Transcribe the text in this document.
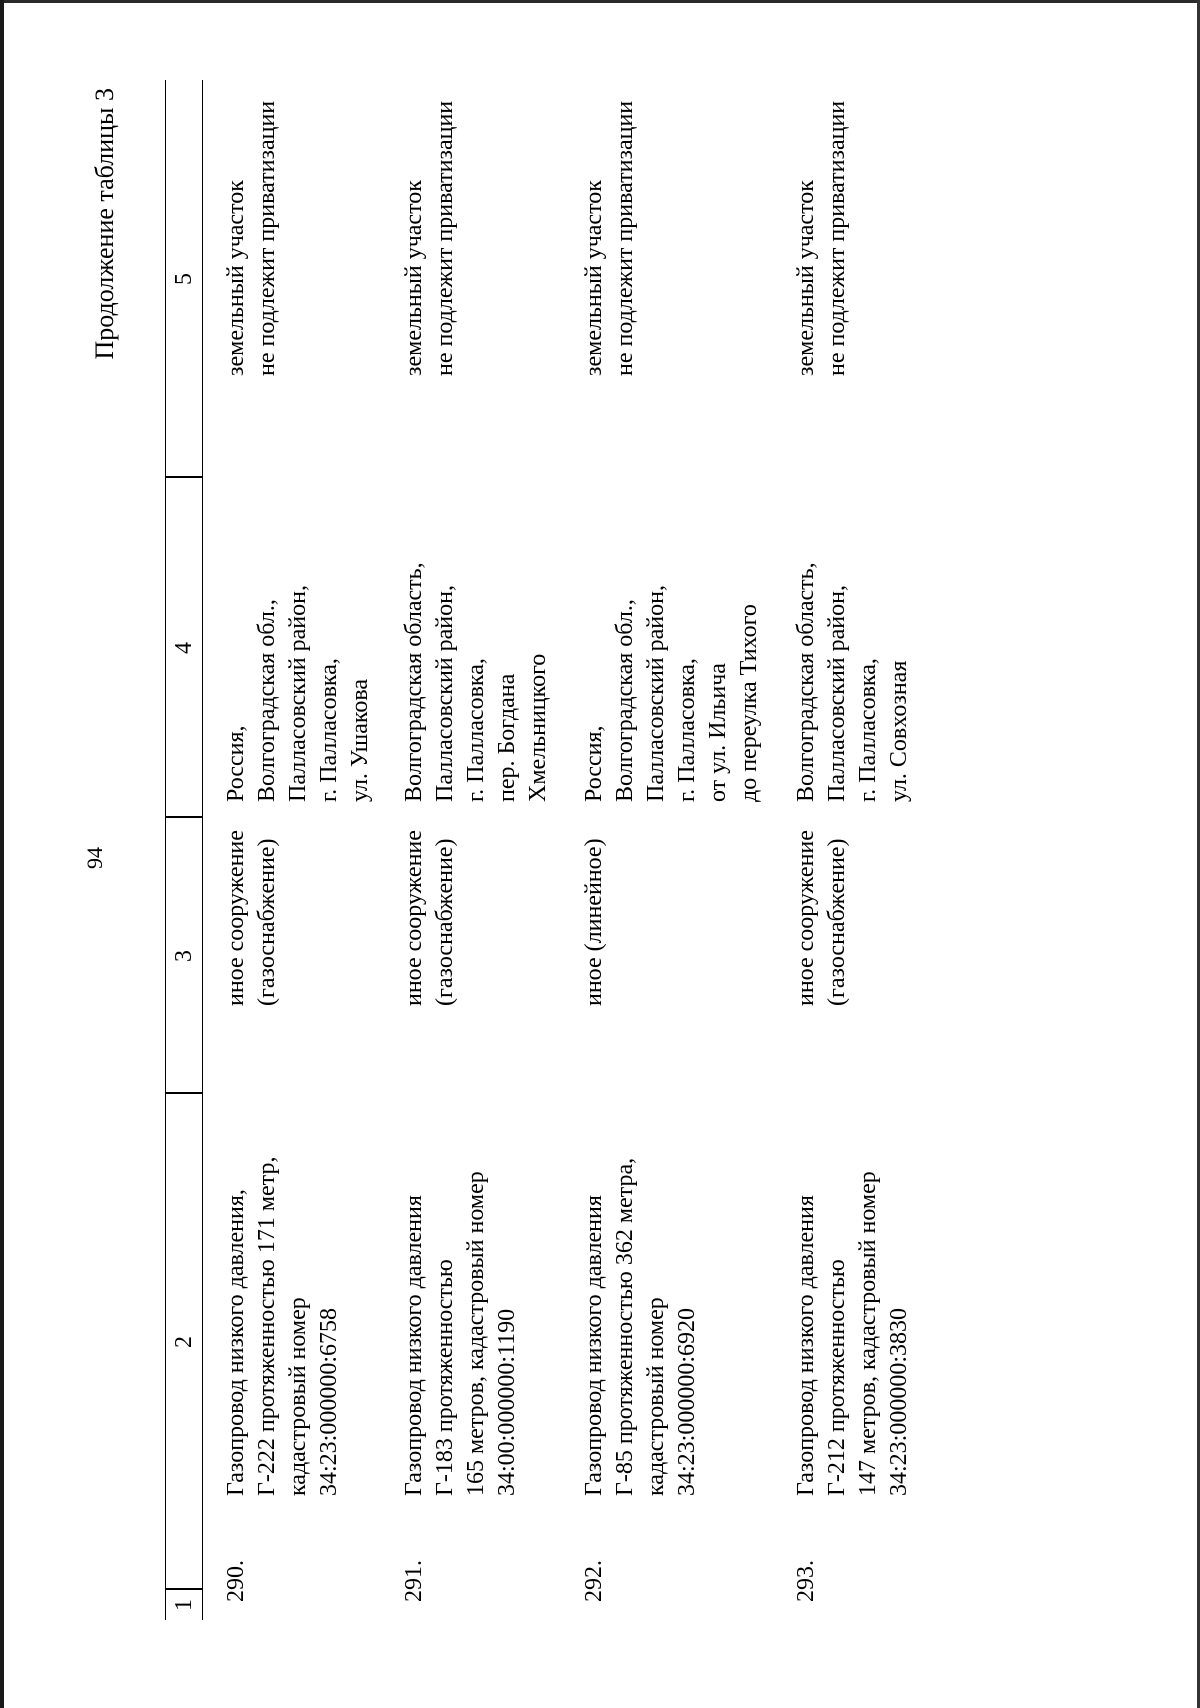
94
Продолжение таблицы 3
1
2
3
4
5
290.
Газопровод низкого давления, Г-222 протяженностью 171 метр, кадастровый номер 34:23:000000:6758
иное сооружение (газоснабжение)
Россия, Волгоградская обл., Палласовский район, г. Палласовка, ул. Ушакова
земельный участок не подлежит приватизации
291.
Газопровод низкого давления Г-183 протяженностью 165 метров, кадастровый номер 34:00:000000:1190
иное сооружение (газоснабжение)
Волгоградская область, Палласовский район, г. Палласовка, пер. Богдана Хмельницкого
земельный участок не подлежит приватизации
292.
Газопровод низкого давления Г-85 протяженностью 362 метра, кадастровый номер 34:23:000000:6920
иное (линейное)
Россия, Волгоградская обл., Палласовский район, г. Палласовка, от ул. Ильича до переулка Тихого
земельный участок не подлежит приватизации
293.
Газопровод низкого давления Г-212 протяженностью 147 метров, кадастровый номер 34:23:000000:3830
иное сооружение (газоснабжение)
Волгоградская область, Палласовский район, г. Палласовка, ул. Совхозная
земельный участок не подлежит приватизации
